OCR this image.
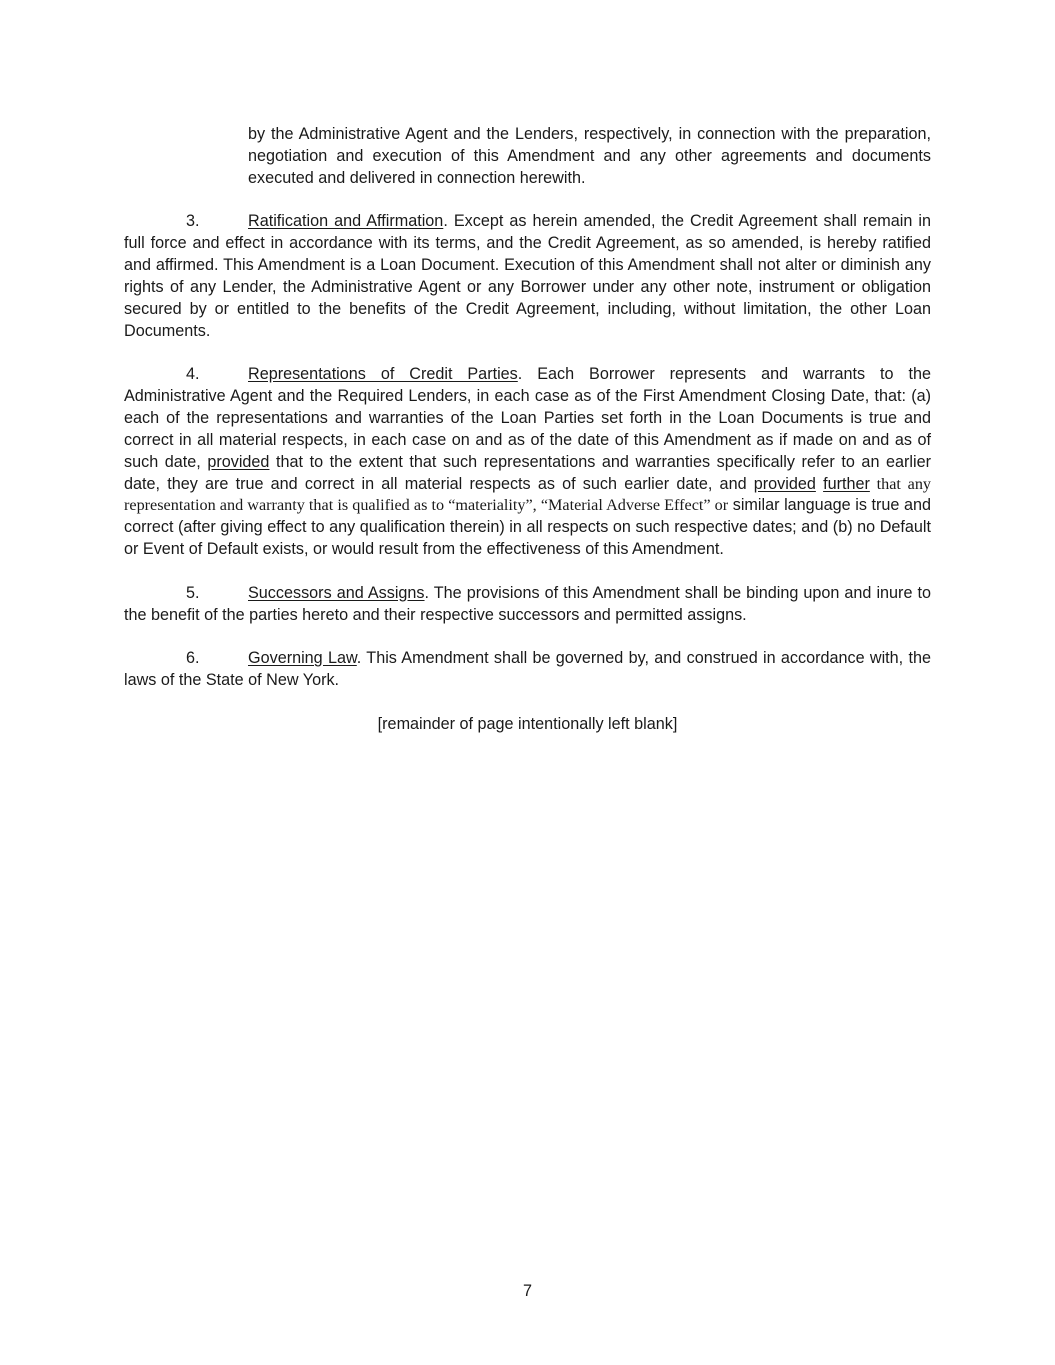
by the Administrative Agent and the Lenders, respectively, in connection with the preparation, negotiation and execution of this Amendment and any other agreements and documents executed and delivered in connection herewith.

3.	Ratification and Affirmation. Except as herein amended, the Credit Agreement shall remain in full force and effect in accordance with its terms, and the Credit Agreement, as so amended, is hereby ratified and affirmed. This Amendment is a Loan Document. Execution of this Amendment shall not alter or diminish any rights of any Lender, the Administrative Agent or any Borrower under any other note, instrument or obligation secured by or entitled to the benefits of the Credit Agreement, including, without limitation, the other Loan Documents.

4.	Representations of Credit Parties. Each Borrower represents and warrants to the Administrative Agent and the Required Lenders, in each case as of the First Amendment Closing Date, that: (a) each of the representations and warranties of the Loan Parties set forth in the Loan Documents is true and correct in all material respects, in each case on and as of the date of this Amendment as if made on and as of such date, provided that to the extent that such representations and warranties specifically refer to an earlier date, they are true and correct in all material respects as of such earlier date, and provided further that any representation and warranty that is qualified as to “materiality”, “Material Adverse Effect” or similar language is true and correct (after giving effect to any qualification therein) in all respects on such respective dates; and (b) no Default or Event of Default exists, or would result from the effectiveness of this Amendment.

5.	Successors and Assigns. The provisions of this Amendment shall be binding upon and inure to the benefit of the parties hereto and their respective successors and permitted assigns.

6.	Governing Law. This Amendment shall be governed by, and construed in accordance with, the laws of the State of New York.

[remainder of page intentionally left blank]

7
